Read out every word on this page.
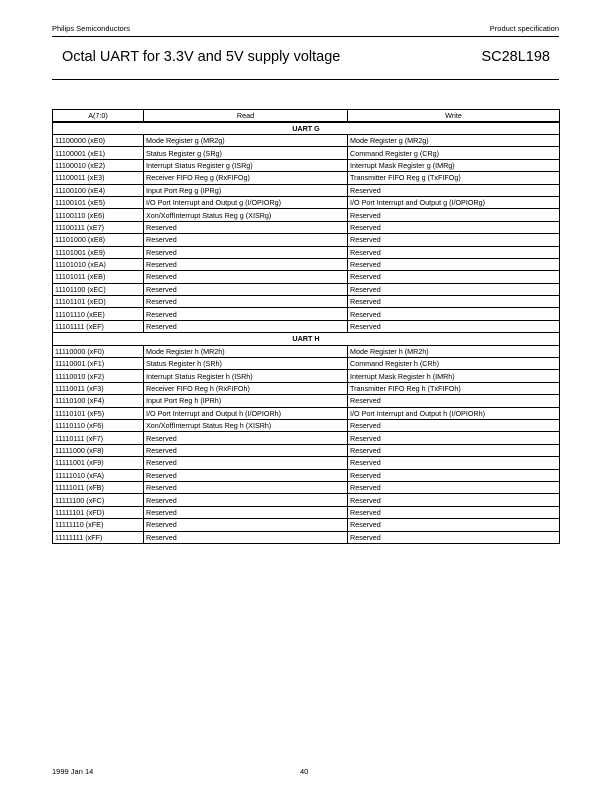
Philips Semiconductors	Product specification
Octal UART for 3.3V and 5V supply voltage	SC28L198
A(7:0)	Read	Write
UART G		
11100000 (xE0)	Mode Register g (MR2g)	Mode Register g (MR2g)
11100001 (xE1)	Status Register g (SRg)	Command Register g (CRg)
11100010 (xE2)	Interrupt Status Register g (ISRg)	Interrupt Mask Register g (IMRg)
11100011 (xE3)	Receiver FIFO Reg g (RxFIFOg)	Transmitter FIFO Reg g (TxFIFOg)
11100100 (xE4)	Input Port Reg g (IPRg)	Reserved
11100101 (xE5)	I/O Port Interrupt and Output g (I/OPIORg)	I/O Port Interrupt and Output g (I/OPIORg)
11100110 (xE6)	Xon/XoffInterrupt Status Reg g (XISRg)	Reserved
11100111 (xE7)	Reserved	Reserved
11101000 (xE8)	Reserved	Reserved
11101001 (xE9)	Reserved	Reserved
11101010 (xEA)	Reserved	Reserved
11101011 (xEB)	Reserved	Reserved
11101100 (xEC)	Reserved	Reserved
11101101 (xED)	Reserved	Reserved
11101110 (xEE)	Reserved	Reserved
11101111 (xEF)	Reserved	Reserved
UART H		
11110000 (xF0)	Mode Register h (MR2h)	Mode Register h (MR2h)
11110001 (xF1)	Status Register h (SRh)	Command Register h (CRh)
11110010 (xF2)	Interrupt Status Register h (ISRh)	Interrupt Mask Register h (IMRh)
11110011 (xF3)	Receiver FIFO Reg h (RxFIFOh)	Transmitter FIFO Reg h (TxFIFOh)
11110100 (xF4)	Input Port Reg h (IPRh)	Reserved
11110101 (xF5)	I/O Port Interrupt and Output h (I/OPIORh)	I/O Port Interrupt and Output h (I/OPIORh)
11110110 (xF6)	Xon/XoffInterrupt Status Reg h (XISRh)	Reserved
11110111 (xF7)	Reserved	Reserved
11111000 (xF8)	Reserved	Reserved
11111001 (xF9)	Reserved	Reserved
11111010 (xFA)	Reserved	Reserved
11111011 (xFB)	Reserved	Reserved
11111100 (xFC)	Reserved	Reserved
11111101 (xFD)	Reserved	Reserved
11111110 (xFE)	Reserved	Reserved
11111111 (xFF)	Reserved	Reserved
1999 Jan 14	40
